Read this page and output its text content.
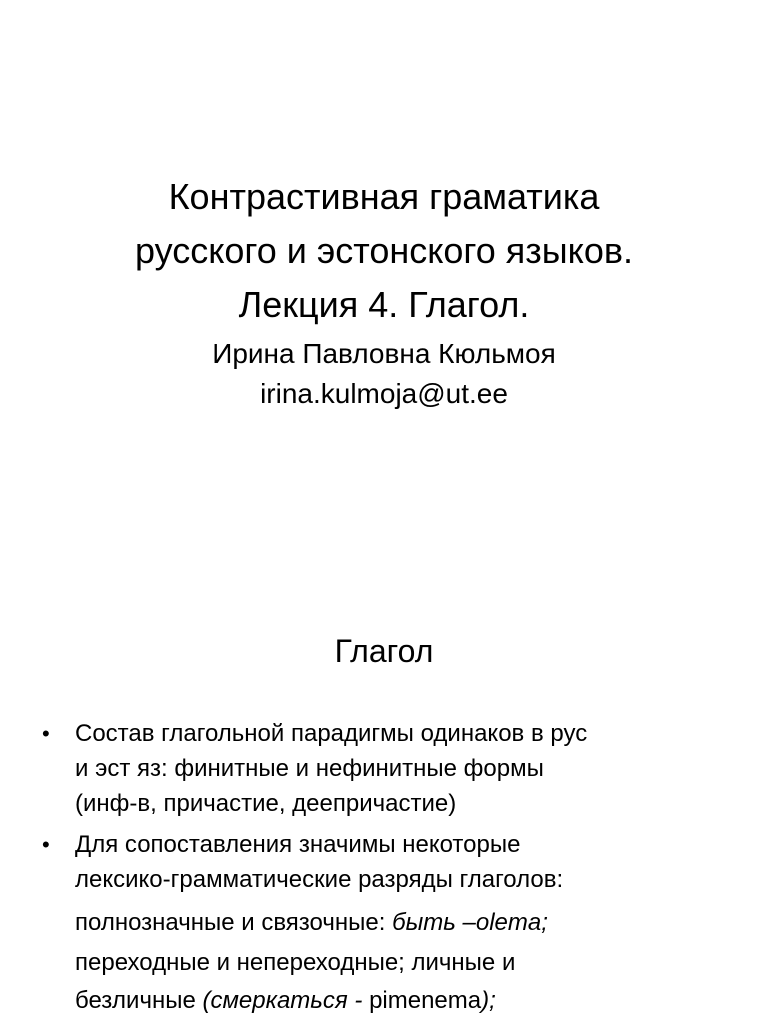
Контрастивная граматика
русского и эстонского языков.
Лекция 4. Глагол.
Ирина Павловна Кюльмоя
irina.kulmoja@ut.ee
Глагол
• Состав глагольной парадигмы одинаков в рус
и эст яз: финитные и нефинитные формы
(инф-в, причастие, деепричастие)
• Для сопоставления значимы некоторые
лексико-грамматические разряды глаголов:
полнозначные и связочные: быть –olema;
переходные и непереходные; личные и
безличные (смеркаться - pimenema);
